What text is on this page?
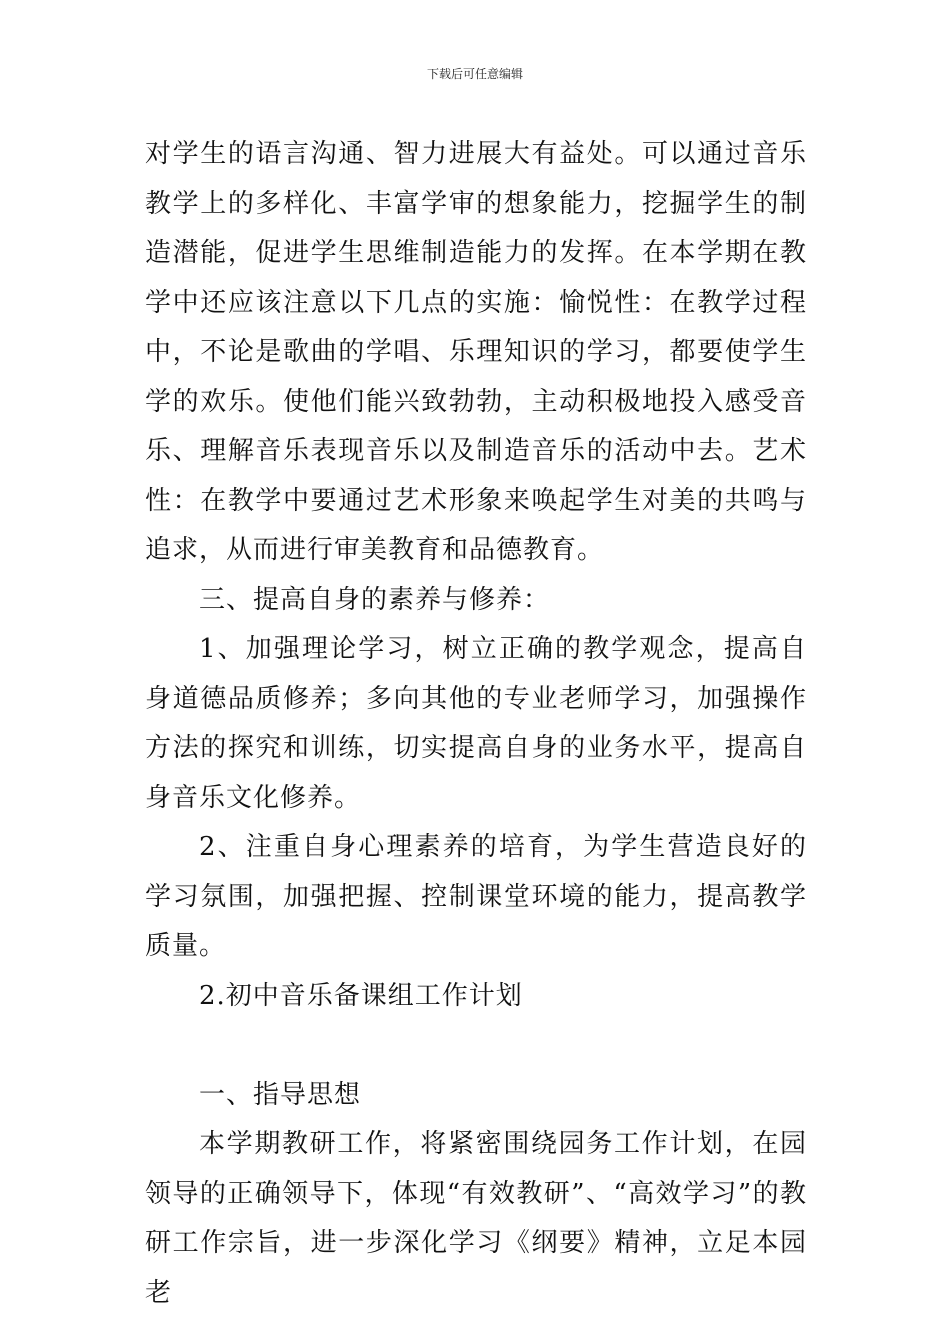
下载后可任意编辑

对学生的语言沟通、智力进展大有益处。可以通过音乐教学上的多样化、丰富学审的想象能力，挖掘学生的制造潜能，促进学生思维制造能力的发挥。在本学期在教学中还应该注意以下几点的实施：愉悦性：在教学过程中，不论是歌曲的学唱、乐理知识的学习，都要使学生学的欢乐。使他们能兴致勃勃，主动积极地投入感受音乐、理解音乐表现音乐以及制造音乐的活动中去。艺术性：在教学中要通过艺术形象来唤起学生对美的共鸣与追求，从而进行审美教育和品德教育。

三、提高自身的素养与修养：

1、加强理论学习，树立正确的教学观念，提高自身道德品质修养；多向其他的专业老师学习，加强操作方法的探究和训练，切实提高自身的业务水平，提高自身音乐文化修养。

2、注重自身心理素养的培育，为学生营造良好的学习氛围，加强把握、控制课堂环境的能力，提高教学质量。

2.初中音乐备课组工作计划

一、指导思想

本学期教研工作，将紧密围绕园务工作计划，在园领导的正确领导下，体现“有效教研”、“高效学习”的教研工作宗旨，进一步深化学习《纲要》精神，立足本园老
